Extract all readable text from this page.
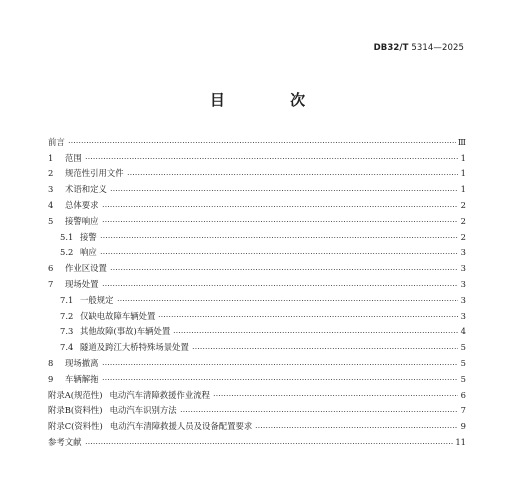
DB32/T 5314—2025
目 次
前言	Ⅲ
1	范围	1
2	规范性引用文件	1
3	术语和定义	1
4	总体要求	2
5	接警响应	2
5.1 接警	2
5.2 响应	3
6	作业区设置	3
7	现场处置	3
7.1 一般规定	3
7.2 仅缺电故障车辆处置	3
7.3 其他故障(事故)车辆处置	4
7.4 隧道及跨江大桥特殊场景处置	5
8	现场撤离	5
9	车辆解拖	5
附录A(规范性) 电动汽车清障救援作业流程	6
附录B(资料性) 电动汽车识别方法	7
附录C(资料性) 电动汽车清障救援人员及设备配置要求	9
参考文献	11
